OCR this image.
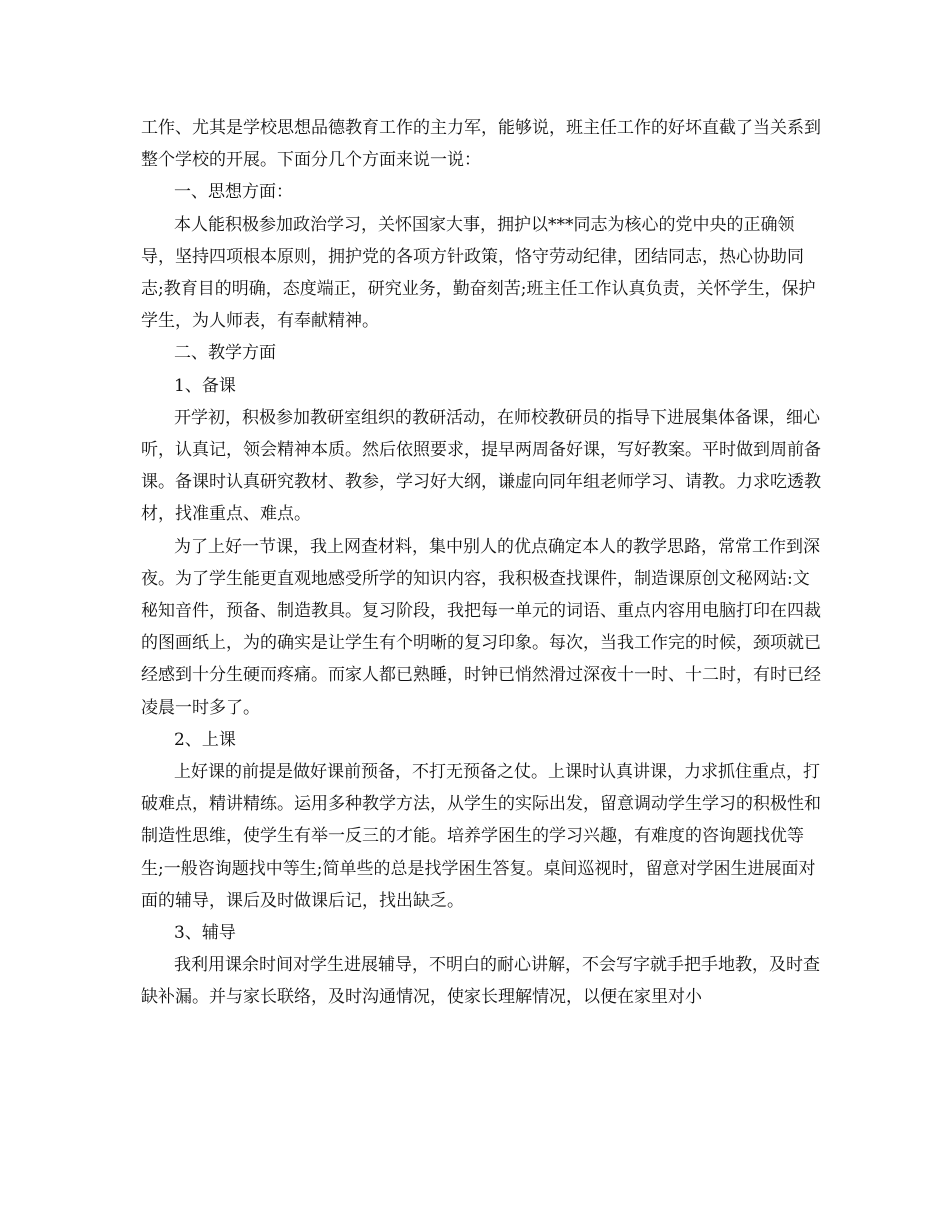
工作、尤其是学校思想品德教育工作的主力军，能够说，班主任工作的好坏直截了当关系到整个学校的开展。下面分几个方面来说一说：

一、思想方面：

本人能积极参加政治学习，关怀国家大事，拥护以***同志为核心的党中央的正确领导，坚持四项根本原则，拥护党的各项方针政策，恪守劳动纪律，团结同志，热心协助同志;教育目的明确，态度端正，研究业务，勤奋刻苦;班主任工作认真负责，关怀学生，保护学生，为人师表，有奉献精神。

二、教学方面

1、备课

开学初，积极参加教研室组织的教研活动，在师校教研员的指导下进展集体备课，细心听，认真记，领会精神本质。然后依照要求，提早两周备好课，写好教案。平时做到周前备课。备课时认真研究教材、教参，学习好大纲，谦虚向同年组老师学习、请教。力求吃透教材，找准重点、难点。

为了上好一节课，我上网查材料，集中别人的优点确定本人的教学思路，常常工作到深夜。为了学生能更直观地感受所学的知识内容，我积极查找课件，制造课原创文秘网站:文秘知音件，预备、制造教具。复习阶段，我把每一单元的词语、重点内容用电脑打印在四裁的图画纸上，为的确实是让学生有个明晰的复习印象。每次，当我工作完的时候，颈项就已经感到十分生硬而疼痛。而家人都已熟睡，时钟已悄然滑过深夜十一时、十二时，有时已经凌晨一时多了。

2、上课

上好课的前提是做好课前预备，不打无预备之仗。上课时认真讲课，力求抓住重点，打破难点，精讲精练。运用多种教学方法，从学生的实际出发，留意调动学生学习的积极性和制造性思维，使学生有举一反三的才能。培养学困生的学习兴趣，有难度的咨询题找优等生;一般咨询题找中等生;简单些的总是找学困生答复。桌间巡视时，留意对学困生进展面对面的辅导，课后及时做课后记，找出缺乏。

3、辅导

我利用课余时间对学生进展辅导，不明白的耐心讲解，不会写字就手把手地教，及时查缺补漏。并与家长联络，及时沟通情况，使家长理解情况，以便在家里对小
